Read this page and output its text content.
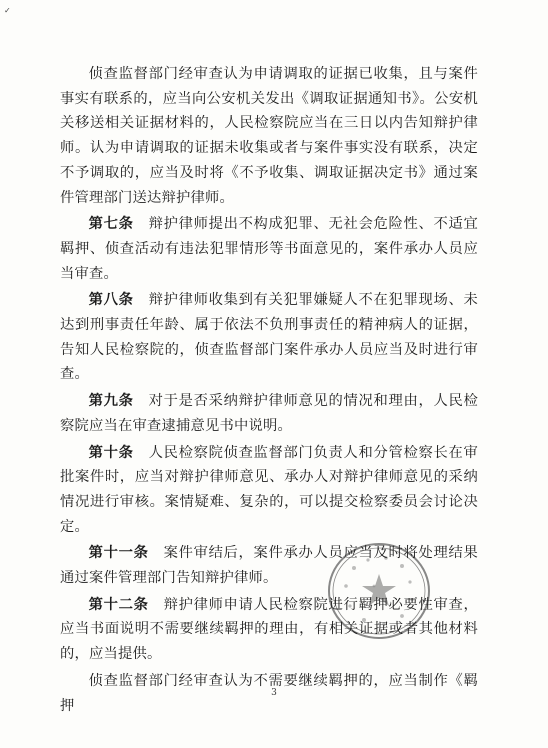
✓

侦查监督部门经审查认为申请调取的证据已收集，且与案件事实有联系的，应当向公安机关发出《调取证据通知书》。公安机关移送相关证据材料的，人民检察院应当在三日以内告知辩护律师。认为申请调取的证据未收集或者与案件事实没有联系，决定不予调取的，应当及时将《不予收集、调取证据决定书》通过案件管理部门送达辩护律师。

第七条　 辩护律师提出不构成犯罪、无社会危险性、不适宜羁押、侦查活动有违法犯罪情形等书面意见的，案件承办人员应当审查。

第八条　 辩护律师收集到有关犯罪嫌疑人不在犯罪现场、未达到刑事责任年龄、属于依法不负刑事责任的精神病人的证据，告知人民检察院的，侦查监督部门案件承办人员应当及时进行审查。

第九条　 对于是否采纳辩护律师意见的情况和理由，人民检察院应当在审查逮捕意见书中说明。

第十条　 人民检察院侦查监督部门负责人和分管检察长在审批案件时，应当对辩护律师意见、承办人对辩护律师意见的采纳情况进行审核。案情疑难、复杂的，可以提交检察委员会讨论决定。

第十一条　 案件审结后，案件承办人员应当及时将处理结果通过案件管理部门告知辩护律师。

第十二条　 辩护律师申请人民检察院进行羁押必要性审查，应当书面说明不需要继续羁押的理由，有相关证据或者其他材料的，应当提供。

侦查监督部门经审查认为不需要继续羁押的，应当制作《羁押

3
